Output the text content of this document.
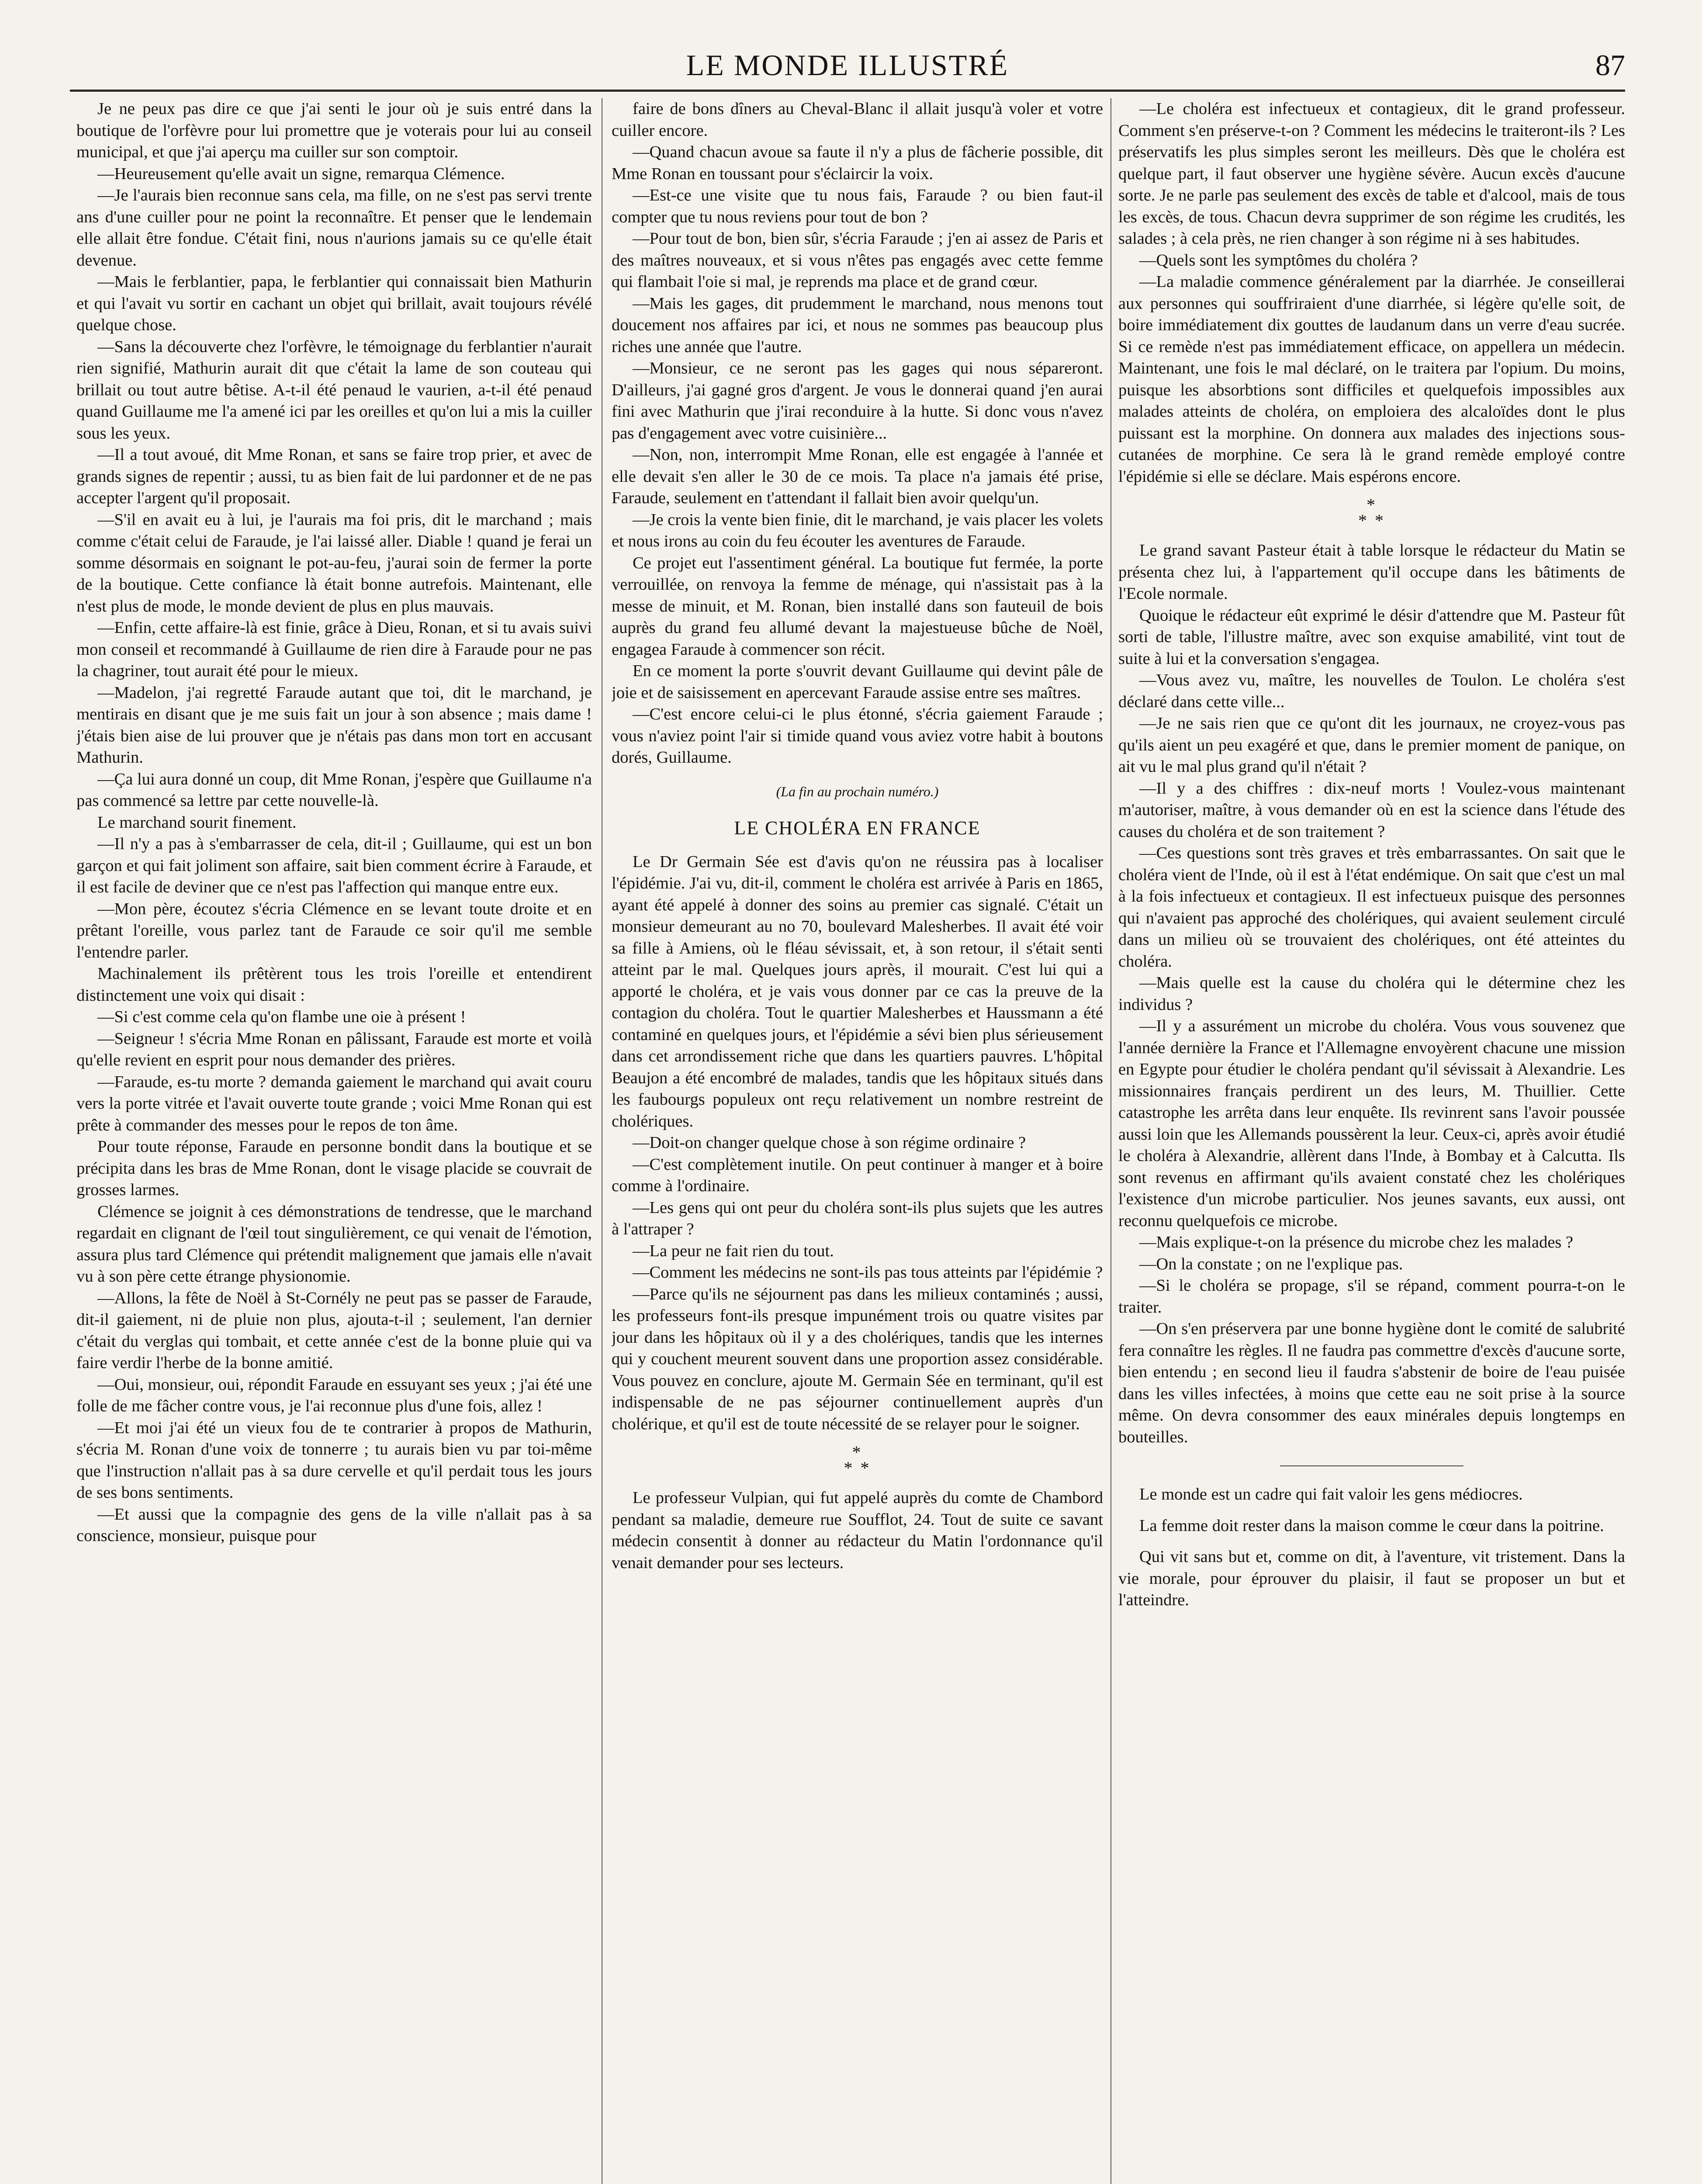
LE MONDE ILLUSTRÉ	87

Je ne peux pas dire ce que j'ai senti le jour où je suis entré dans la boutique de l'orfèvre pour lui promettre que je voterais pour lui au conseil municipal, et que j'ai aperçu ma cuiller sur son comptoir.

—Heureusement qu'elle avait un signe, remarqua Clémence.

—Je l'aurais bien reconnue sans cela, ma fille, on ne s'est pas servi trente ans d'une cuiller pour ne point la reconnaître. Et penser que le lendemain elle allait être fondue. C'était fini, nous n'aurions jamais su ce qu'elle était devenue.

—Mais le ferblantier, papa, le ferblantier qui connaissait bien Mathurin et qui l'avait vu sortir en cachant un objet qui brillait, avait toujours révélé quelque chose.

—Sans la découverte chez l'orfèvre, le témoignage du ferblantier n'aurait rien signifié, Mathurin aurait dit que c'était la lame de son couteau qui brillait ou tout autre bêtise. A-t-il été penaud le vaurien, a-t-il été penaud quand Guillaume me l'a amené ici par les oreilles et qu'on lui a mis la cuiller sous les yeux.

—Il a tout avoué, dit Mme Ronan, et sans se faire trop prier, et avec de grands signes de repentir ; aussi, tu as bien fait de lui pardonner et de ne pas accepter l'argent qu'il proposait.

—S'il en avait eu à lui, je l'aurais ma foi pris, dit le marchand ; mais comme c'était celui de Faraude, je l'ai laissé aller. Diable ! quand je ferai un somme désormais en soignant le pot-au-feu, j'aurai soin de fermer la porte de la boutique. Cette confiance là était bonne autrefois. Maintenant, elle n'est plus de mode, le monde devient de plus en plus mauvais.

—Enfin, cette affaire-là est finie, grâce à Dieu, Ronan, et si tu avais suivi mon conseil et recommandé à Guillaume de rien dire à Faraude pour ne pas la chagriner, tout aurait été pour le mieux.

—Madelon, j'ai regretté Faraude autant que toi, dit le marchand, je mentirais en disant que je me suis fait un jour à son absence ; mais dame ! j'étais bien aise de lui prouver que je n'étais pas dans mon tort en accusant Mathurin.

—Ça lui aura donné un coup, dit Mme Ronan, j'espère que Guillaume n'a pas commencé sa lettre par cette nouvelle-là.

Le marchand sourit finement.

—Il n'y a pas à s'embarrasser de cela, dit-il ; Guillaume, qui est un bon garçon et qui fait joliment son affaire, sait bien comment écrire à Faraude, et il est facile de deviner que ce n'est pas l'affection qui manque entre eux.

—Mon père, écoutez s'écria Clémence en se levant toute droite et en prêtant l'oreille, vous parlez tant de Faraude ce soir qu'il me semble l'entendre parler.

Machinalement ils prêtèrent tous les trois l'oreille et entendirent distinctement une voix qui disait :

—Si c'est comme cela qu'on flambe une oie à présent !

—Seigneur ! s'écria Mme Ronan en pâlissant, Faraude est morte et voilà qu'elle revient en esprit pour nous demander des prières.

—Faraude, es-tu morte ? demanda gaiement le marchand qui avait couru vers la porte vitrée et l'avait ouverte toute grande ; voici Mme Ronan qui est prête à commander des messes pour le repos de ton âme.

Pour toute réponse, Faraude en personne bondit dans la boutique et se précipita dans les bras de Mme Ronan, dont le visage placide se couvrait de grosses larmes.

Clémence se joignit à ces démonstrations de tendresse, que le marchand regardait en clignant de l'œil tout singulièrement, ce qui venait de l'émotion, assura plus tard Clémence qui prétendit malignement que jamais elle n'avait vu à son père cette étrange physionomie.

—Allons, la fête de Noël à St-Cornély ne peut pas se passer de Faraude, dit-il gaiement, ni de pluie non plus, ajouta-t-il ; seulement, l'an dernier c'était du verglas qui tombait, et cette année c'est de la bonne pluie qui va faire verdir l'herbe de la bonne amitié.

—Oui, monsieur, oui, répondit Faraude en essuyant ses yeux ; j'ai été une folle de me fâcher contre vous, je l'ai reconnue plus d'une fois, allez !

—Et moi j'ai été un vieux fou de te contrarier à propos de Mathurin, s'écria M. Ronan d'une voix de tonnerre ; tu aurais bien vu par toi-même que l'instruction n'allait pas à sa dure cervelle et qu'il perdait tous les jours de ses bons sentiments.

—Et aussi que la compagnie des gens de la ville n'allait pas à sa conscience, monsieur, puisque pour

faire de bons dîners au Cheval-Blanc il allait jusqu'à voler et votre cuiller encore.

—Quand chacun avoue sa faute il n'y a plus de fâcherie possible, dit Mme Ronan en toussant pour s'éclaircir la voix.

—Est-ce une visite que tu nous fais, Faraude ? ou bien faut-il compter que tu nous reviens pour tout de bon ?

—Pour tout de bon, bien sûr, s'écria Faraude ; j'en ai assez de Paris et des maîtres nouveaux, et si vous n'êtes pas engagés avec cette femme qui flambait l'oie si mal, je reprends ma place et de grand cœur.

—Mais les gages, dit prudemment le marchand, nous menons tout doucement nos affaires par ici, et nous ne sommes pas beaucoup plus riches une année que l'autre.

—Monsieur, ce ne seront pas les gages qui nous sépareront. D'ailleurs, j'ai gagné gros d'argent. Je vous le donnerai quand j'en aurai fini avec Mathurin que j'irai reconduire à la hutte. Si donc vous n'avez pas d'engagement avec votre cuisinière...

—Non, non, interrompit Mme Ronan, elle est engagée à l'année et elle devait s'en aller le 30 de ce mois. Ta place n'a jamais été prise, Faraude, seulement en t'attendant il fallait bien avoir quelqu'un.

—Je crois la vente bien finie, dit le marchand, je vais placer les volets et nous irons au coin du feu écouter les aventures de Faraude.

Ce projet eut l'assentiment général. La boutique fut fermée, la porte verrouillée, on renvoya la femme de ménage, qui n'assistait pas à la messe de minuit, et M. Ronan, bien installé dans son fauteuil de bois auprès du grand feu allumé devant la majestueuse bûche de Noël, engagea Faraude à commencer son récit.

En ce moment la porte s'ouvrit devant Guillaume qui devint pâle de joie et de saisissement en apercevant Faraude assise entre ses maîtres.

—C'est encore celui-ci le plus étonné, s'écria gaiement Faraude ; vous n'aviez point l'air si timide quand vous aviez votre habit à boutons dorés, Guillaume.

(La fin au prochain numéro.)

LE CHOLÉRA EN FRANCE

Le Dr Germain Sée est d'avis qu'on ne réussira pas à localiser l'épidémie. J'ai vu, dit-il, comment le choléra est arrivée à Paris en 1865, ayant été appelé à donner des soins au premier cas signalé. C'était un monsieur demeurant au no 70, boulevard Malesherbes. Il avait été voir sa fille à Amiens, où le fléau sévissait, et, à son retour, il s'était senti atteint par le mal. Quelques jours après, il mourait. C'est lui qui a apporté le choléra, et je vais vous donner par ce cas la preuve de la contagion du choléra. Tout le quartier Malesherbes et Haussmann a été contaminé en quelques jours, et l'épidémie a sévi bien plus sérieusement dans cet arrondissement riche que dans les quartiers pauvres. L'hôpital Beaujon a été encombré de malades, tandis que les hôpitaux situés dans les faubourgs populeux ont reçu relativement un nombre restreint de cholériques.

—Doit-on changer quelque chose à son régime ordinaire ?

—C'est complètement inutile. On peut continuer à manger et à boire comme à l'ordinaire.

—Les gens qui ont peur du choléra sont-ils plus sujets que les autres à l'attraper ?

—La peur ne fait rien du tout.

—Comment les médecins ne sont-ils pas tous atteints par l'épidémie ?

—Parce qu'ils ne séjournent pas dans les milieux contaminés ; aussi, les professeurs font-ils presque impunément trois ou quatre visites par jour dans les hôpitaux où il y a des cholériques, tandis que les internes qui y couchent meurent souvent dans une proportion assez considérable. Vous pouvez en conclure, ajoute M. Germain Sée en terminant, qu'il est indispensable de ne pas séjourner continuellement auprès d'un cholérique, et qu'il est de toute nécessité de se relayer pour le soigner.

*
* *

Le professeur Vulpian, qui fut appelé auprès du comte de Chambord pendant sa maladie, demeure rue Soufflot, 24. Tout de suite ce savant médecin consentit à donner au rédacteur du Matin l'ordonnance qu'il venait demander pour ses lecteurs.

—Le choléra est infectueux et contagieux, dit le grand professeur. Comment s'en préserve-t-on ? Comment les médecins le traiteront-ils ? Les préservatifs les plus simples seront les meilleurs. Dès que le choléra est quelque part, il faut observer une hygiène sévère. Aucun excès d'aucune sorte. Je ne parle pas seulement des excès de table et d'alcool, mais de tous les excès, de tous. Chacun devra supprimer de son régime les crudités, les salades ; à cela près, ne rien changer à son régime ni à ses habitudes.

—Quels sont les symptômes du choléra ?

—La maladie commence généralement par la diarrhée. Je conseillerai aux personnes qui souffriraient d'une diarrhée, si légère qu'elle soit, de boire immédiatement dix gouttes de laudanum dans un verre d'eau sucrée. Si ce remède n'est pas immédiatement efficace, on appellera un médecin. Maintenant, une fois le mal déclaré, on le traitera par l'opium. Du moins, puisque les absorbtions sont difficiles et quelquefois impossibles aux malades atteints de choléra, on emploiera des alcaloïdes dont le plus puissant est la morphine. On donnera aux malades des injections sous-cutanées de morphine. Ce sera là le grand remède employé contre l'épidémie si elle se déclare. Mais espérons encore.

*
* *

Le grand savant Pasteur était à table lorsque le rédacteur du Matin se présenta chez lui, à l'appartement qu'il occupe dans les bâtiments de l'Ecole normale.

Quoique le rédacteur eût exprimé le désir d'attendre que M. Pasteur fût sorti de table, l'illustre maître, avec son exquise amabilité, vint tout de suite à lui et la conversation s'engagea.

—Vous avez vu, maître, les nouvelles de Toulon. Le choléra s'est déclaré dans cette ville...

—Je ne sais rien que ce qu'ont dit les journaux, ne croyez-vous pas qu'ils aient un peu exagéré et que, dans le premier moment de panique, on ait vu le mal plus grand qu'il n'était ?

—Il y a des chiffres : dix-neuf morts ! Voulez-vous maintenant m'autoriser, maître, à vous demander où en est la science dans l'étude des causes du choléra et de son traitement ?

—Ces questions sont très graves et très embarrassantes. On sait que le choléra vient de l'Inde, où il est à l'état endémique. On sait que c'est un mal à la fois infectueux et contagieux. Il est infectueux puisque des personnes qui n'avaient pas approché des cholériques, qui avaient seulement circulé dans un milieu où se trouvaient des cholériques, ont été atteintes du choléra.

—Mais quelle est la cause du choléra qui le détermine chez les individus ?

—Il y a assurément un microbe du choléra. Vous vous souvenez que l'année dernière la France et l'Allemagne envoyèrent chacune une mission en Egypte pour étudier le choléra pendant qu'il sévissait à Alexandrie. Les missionnaires français perdirent un des leurs, M. Thuillier. Cette catastrophe les arrêta dans leur enquête. Ils revinrent sans l'avoir poussée aussi loin que les Allemands poussèrent la leur. Ceux-ci, après avoir étudié le choléra à Alexandrie, allèrent dans l'Inde, à Bombay et à Calcutta. Ils sont revenus en affirmant qu'ils avaient constaté chez les cholériques l'existence d'un microbe particulier. Nos jeunes savants, eux aussi, ont reconnu quelquefois ce microbe.

—Mais explique-t-on la présence du microbe chez les malades ?

—On la constate ; on ne l'explique pas.

—Si le choléra se propage, s'il se répand, comment pourra-t-on le traiter.

—On s'en préservera par une bonne hygiène dont le comité de salubrité fera connaître les règles. Il ne faudra pas commettre d'excès d'aucune sorte, bien entendu ; en second lieu il faudra s'abstenir de boire de l'eau puisée dans les villes infectées, à moins que cette eau ne soit prise à la source même. On devra consommer des eaux minérales depuis longtemps en bouteilles.

Le monde est un cadre qui fait valoir les gens médiocres.

La femme doit rester dans la maison comme le cœur dans la poitrine.

Qui vit sans but et, comme on dit, à l'aventure, vit tristement. Dans la vie morale, pour éprouver du plaisir, il faut se proposer un but et l'atteindre.
